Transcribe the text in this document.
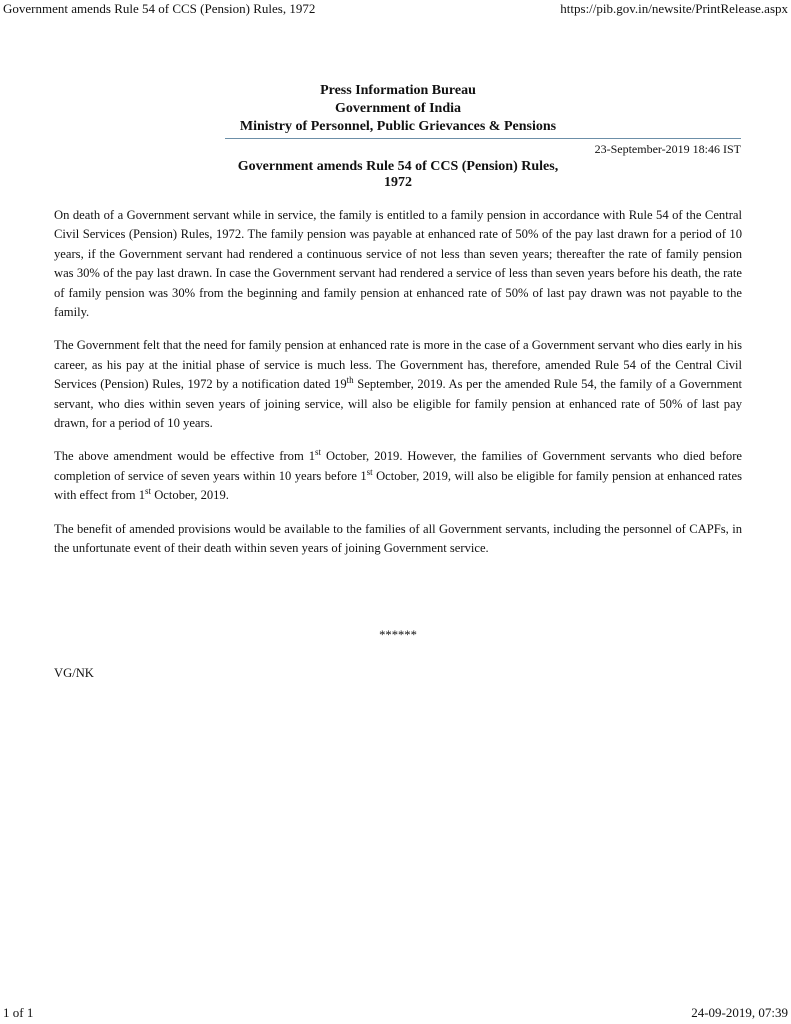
Government amends Rule 54 of CCS (Pension) Rules, 1972	https://pib.gov.in/newsite/PrintRelease.aspx
Press Information Bureau
Government of India
Ministry of Personnel, Public Grievances & Pensions
23-September-2019 18:46 IST
Government amends Rule 54 of CCS (Pension) Rules, 1972

On death of a Government servant while in service, the family is entitled to a family pension in accordance with Rule 54 of the Central Civil Services (Pension) Rules, 1972. The family pension was payable at enhanced rate of 50% of the pay last drawn for a period of 10 years, if the Government servant had rendered a continuous service of not less than seven years; thereafter the rate of family pension was 30% of the pay last drawn. In case the Government servant had rendered a service of less than seven years before his death, the rate of family pension was 30% from the beginning and family pension at enhanced rate of 50% of last pay drawn was not payable to the family.

The Government felt that the need for family pension at enhanced rate is more in the case of a Government servant who dies early in his career, as his pay at the initial phase of service is much less. The Government has, therefore, amended Rule 54 of the Central Civil Services (Pension) Rules, 1972 by a notification dated 19th September, 2019. As per the amended Rule 54, the family of a Government servant, who dies within seven years of joining service, will also be eligible for family pension at enhanced rate of 50% of last pay drawn, for a period of 10 years.

The above amendment would be effective from 1st October, 2019. However, the families of Government servants who died before completion of service of seven years within 10 years before 1st October, 2019, will also be eligible for family pension at enhanced rates with effect from 1st October, 2019.

The benefit of amended provisions would be available to the families of all Government servants, including the personnel of CAPFs, in the unfortunate event of their death within seven years of joining Government service.

******
VG/NK
1 of 1	24-09-2019, 07:39
